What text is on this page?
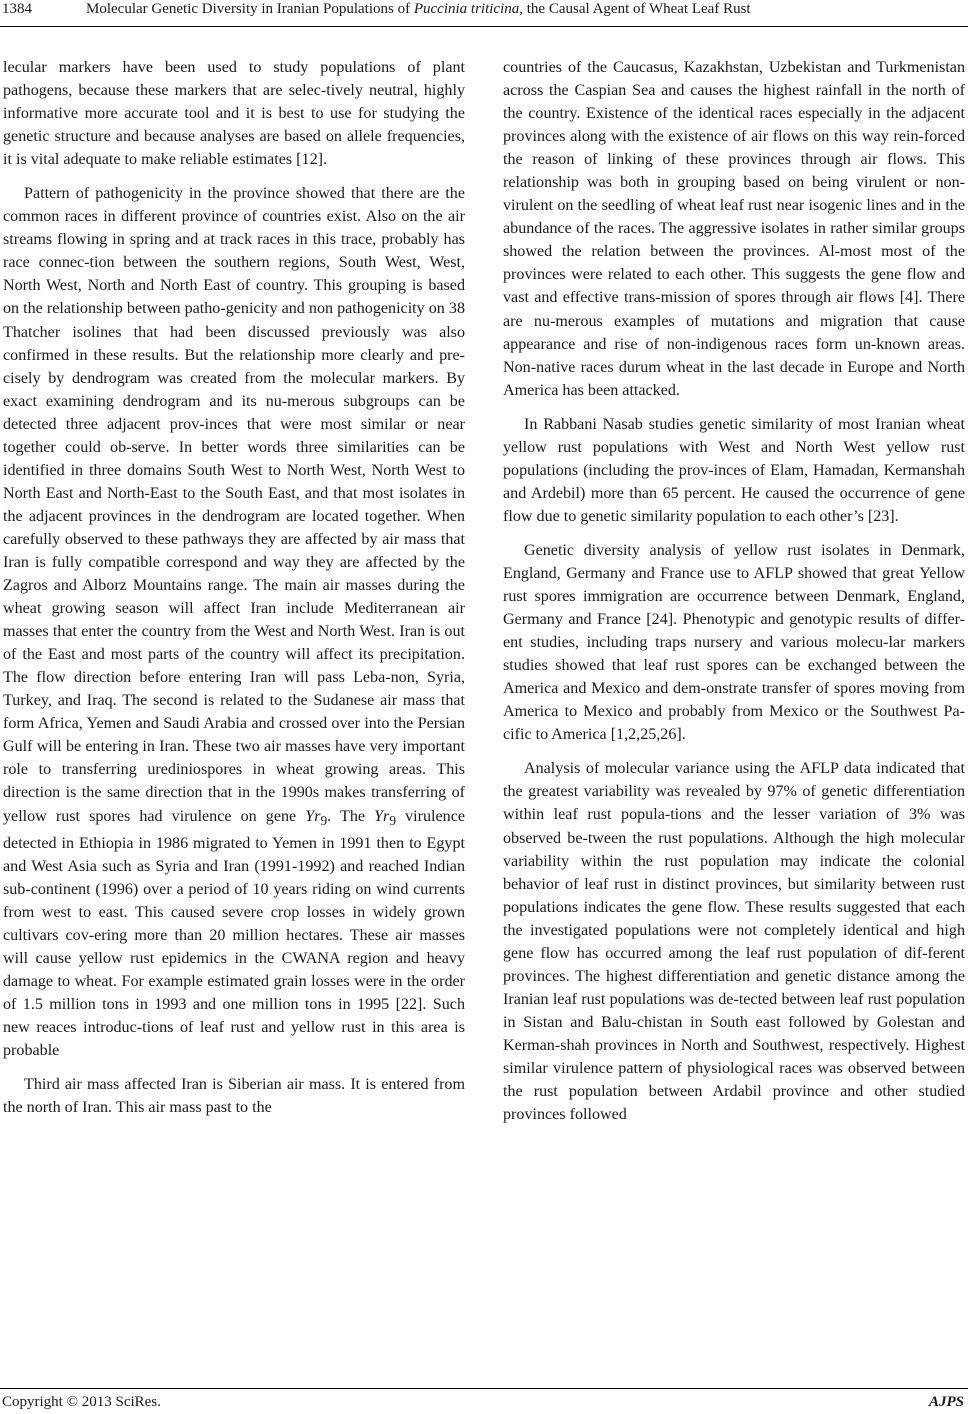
1384	Molecular Genetic Diversity in Iranian Populations of Puccinia triticina, the Causal Agent of Wheat Leaf Rust

lecular markers have been used to study populations of plant pathogens, because these markers that are selec-tively neutral, highly informative more accurate tool and it is best to use for studying the genetic structure and because analyses are based on allele frequencies, it is vital adequate to make reliable estimates [12].

Pattern of pathogenicity in the province showed that there are the common races in different province of countries exist. Also on the air streams flowing in spring and at track races in this trace, probably has race connec-tion between the southern regions, South West, West, North West, North and North East of country. This grouping is based on the relationship between patho-genicity and non pathogenicity on 38 Thatcher isolines that had been discussed previously was also confirmed in these results. But the relationship more clearly and pre-cisely by dendrogram was created from the molecular markers. By exact examining dendrogram and its nu-merous subgroups can be detected three adjacent prov-inces that were most similar or near together could ob-serve. In better words three similarities can be identified in three domains South West to North West, North West to North East and North-East to the South East, and that most isolates in the adjacent provinces in the dendrogram are located together. When carefully observed to these pathways they are affected by air mass that Iran is fully compatible correspond and way they are affected by the Zagros and Alborz Mountains range. The main air masses during the wheat growing season will affect Iran include Mediterranean air masses that enter the country from the West and North West. Iran is out of the East and most parts of the country will affect its precipitation. The flow direction before entering Iran will pass Leba-non, Syria, Turkey, and Iraq. The second is related to the Sudanese air mass that form Africa, Yemen and Saudi Arabia and crossed over into the Persian Gulf will be entering in Iran. These two air masses have very important role to transferring urediniospores in wheat growing areas. This direction is the same direction that in the 1990s makes transferring of yellow rust spores had virulence on gene $Yr_9$. The $Yr_9$ virulence detected in Ethiopia in 1986 migrated to Yemen in 1991 then to Egypt and West Asia such as Syria and Iran (1991-1992) and reached Indian sub-continent (1996) over a period of 10 years riding on wind currents from west to east. This caused severe crop losses in widely grown cultivars cov-ering more than 20 million hectares. These air masses will cause yellow rust epidemics in the CWANA region and heavy damage to wheat. For example estimated grain losses were in the order of 1.5 million tons in 1993 and one million tons in 1995 [22]. Such new reaces introduc-tions of leaf rust and yellow rust in this area is probable

Third air mass affected Iran is Siberian air mass. It is entered from the north of Iran. This air mass past to the

countries of the Caucasus, Kazakhstan, Uzbekistan and Turkmenistan across the Caspian Sea and causes the highest rainfall in the north of the country. Existence of the identical races especially in the adjacent provinces along with the existence of air flows on this way rein-forced the reason of linking of these provinces through air flows. This relationship was both in grouping based on being virulent or non-virulent on the seedling of wheat leaf rust near isogenic lines and in the abundance of the races. The aggressive isolates in rather similar groups showed the relation between the provinces. Al-most most of the provinces were related to each other. This suggests the gene flow and vast and effective trans-mission of spores through air flows [4]. There are nu-merous examples of mutations and migration that cause appearance and rise of non-indigenous races form un-known areas. Non-native races durum wheat in the last decade in Europe and North America has been attacked.

In Rabbani Nasab studies genetic similarity of most Iranian wheat yellow rust populations with West and North West yellow rust populations (including the prov-inces of Elam, Hamadan, Kermanshah and Ardebil) more than 65 percent. He caused the occurrence of gene flow due to genetic similarity population to each other’s [23].

Genetic diversity analysis of yellow rust isolates in Denmark, England, Germany and France use to AFLP showed that great Yellow rust spores immigration are occurrence between Denmark, England, Germany and France [24]. Phenotypic and genotypic results of differ-ent studies, including traps nursery and various molecu-lar markers studies showed that leaf rust spores can be exchanged between the America and Mexico and dem-onstrate transfer of spores moving from America to Mexico and probably from Mexico or the Southwest Pa-cific to America [1,2,25,26].

Analysis of molecular variance using the AFLP data indicated that the greatest variability was revealed by 97% of genetic differentiation within leaf rust popula-tions and the lesser variation of 3% was observed be-tween the rust populations. Although the high molecular variability within the rust population may indicate the colonial behavior of leaf rust in distinct provinces, but similarity between rust populations indicates the gene flow. These results suggested that each the investigated populations were not completely identical and high gene flow has occurred among the leaf rust population of dif-ferent provinces. The highest differentiation and genetic distance among the Iranian leaf rust populations was de-tected between leaf rust population in Sistan and Balu-chistan in South east followed by Golestan and Kerman-shah provinces in North and Southwest, respectively. Highest similar virulence pattern of physiological races was observed between the rust population between Ardabil province and other studied provinces followed

Copyright © 2013 SciRes.	AJPS
